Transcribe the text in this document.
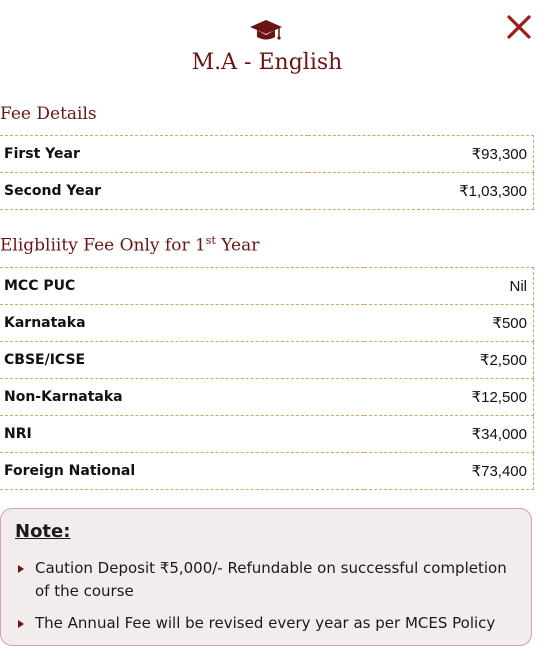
M.A - English
Fee Details
First Year	₹93,300
Second Year	₹1,03,300
Eligbliity Fee Only for 1st Year
MCC PUC	Nil
Karnataka	₹500
CBSE/ICSE	₹2,500
Non-Karnataka	₹12,500
NRI	₹34,000
Foreign National	₹73,400
Note:
Caution Deposit ₹5,000/- Refundable on successful completion of the course
The Annual Fee will be revised every year as per MCES Policy
